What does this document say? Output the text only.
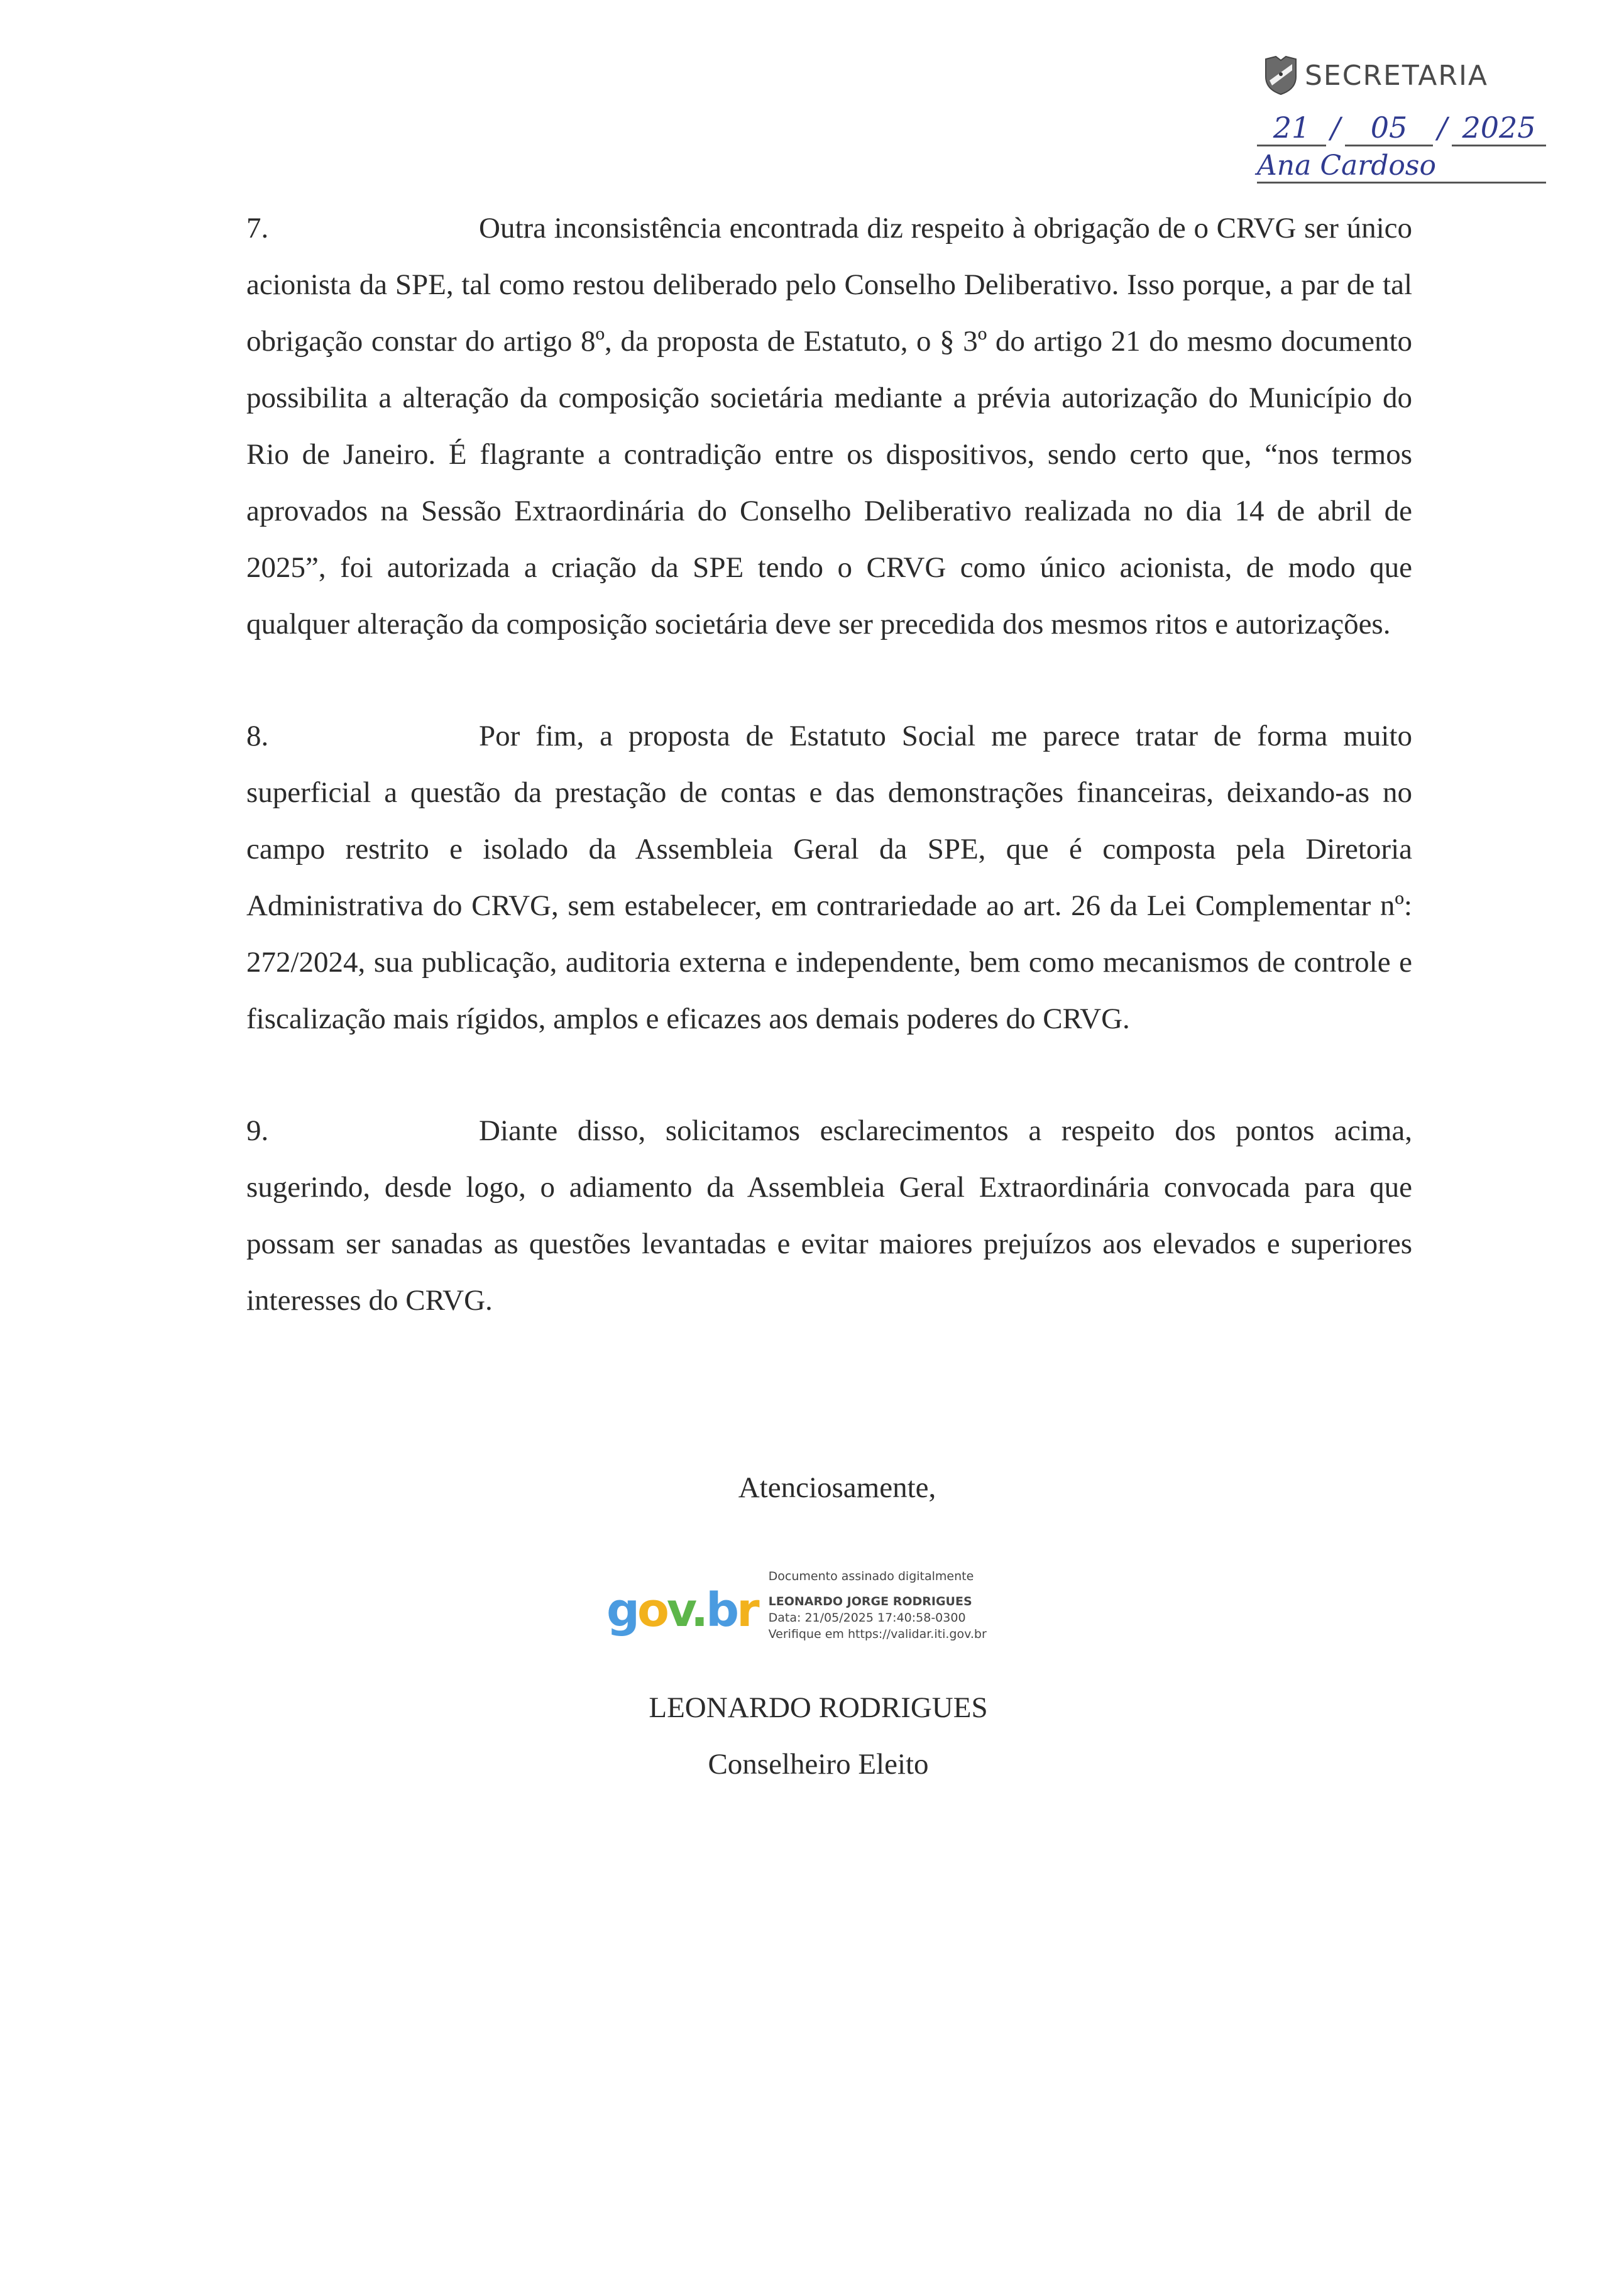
SECRETARIA
21 / 05 / 2025
Ana Cardoso

7.	Outra inconsistência encontrada diz respeito à obrigação de o CRVG ser único acionista da SPE, tal como restou deliberado pelo Conselho Deliberativo. Isso porque, a par de tal obrigação constar do artigo 8º, da proposta de Estatuto, o § 3º do artigo 21 do mesmo documento possibilita a alteração da composição societária mediante a prévia autorização do Município do Rio de Janeiro. É flagrante a contradição entre os dispositivos, sendo certo que, “nos termos aprovados na Sessão Extraordinária do Conselho Deliberativo realizada no dia 14 de abril de 2025”, foi autorizada a criação da SPE tendo o CRVG como único acionista, de modo que qualquer alteração da composição societária deve ser precedida dos mesmos ritos e autorizações.

8.	Por fim, a proposta de Estatuto Social me parece tratar de forma muito superficial a questão da prestação de contas e das demonstrações financeiras, deixando-as no campo restrito e isolado da Assembleia Geral da SPE, que é composta pela Diretoria Administrativa do CRVG, sem estabelecer, em contrariedade ao art. 26 da Lei Complementar nº: 272/2024, sua publicação, auditoria externa e independente, bem como mecanismos de controle e fiscalização mais rígidos, amplos e eficazes aos demais poderes do CRVG.

9.	Diante disso, solicitamos esclarecimentos a respeito dos pontos acima, sugerindo, desde logo, o adiamento da Assembleia Geral Extraordinária convocada para que possam ser sanadas as questões levantadas e evitar maiores prejuízos aos elevados e superiores interesses do CRVG.

Atenciosamente,
gov.br
Documento assinado digitalmente
LEONARDO JORGE RODRIGUES
Data: 21/05/2025 17:40:58-0300
Verifique em https://validar.iti.gov.br
LEONARDO RODRIGUES
Conselheiro Eleito
